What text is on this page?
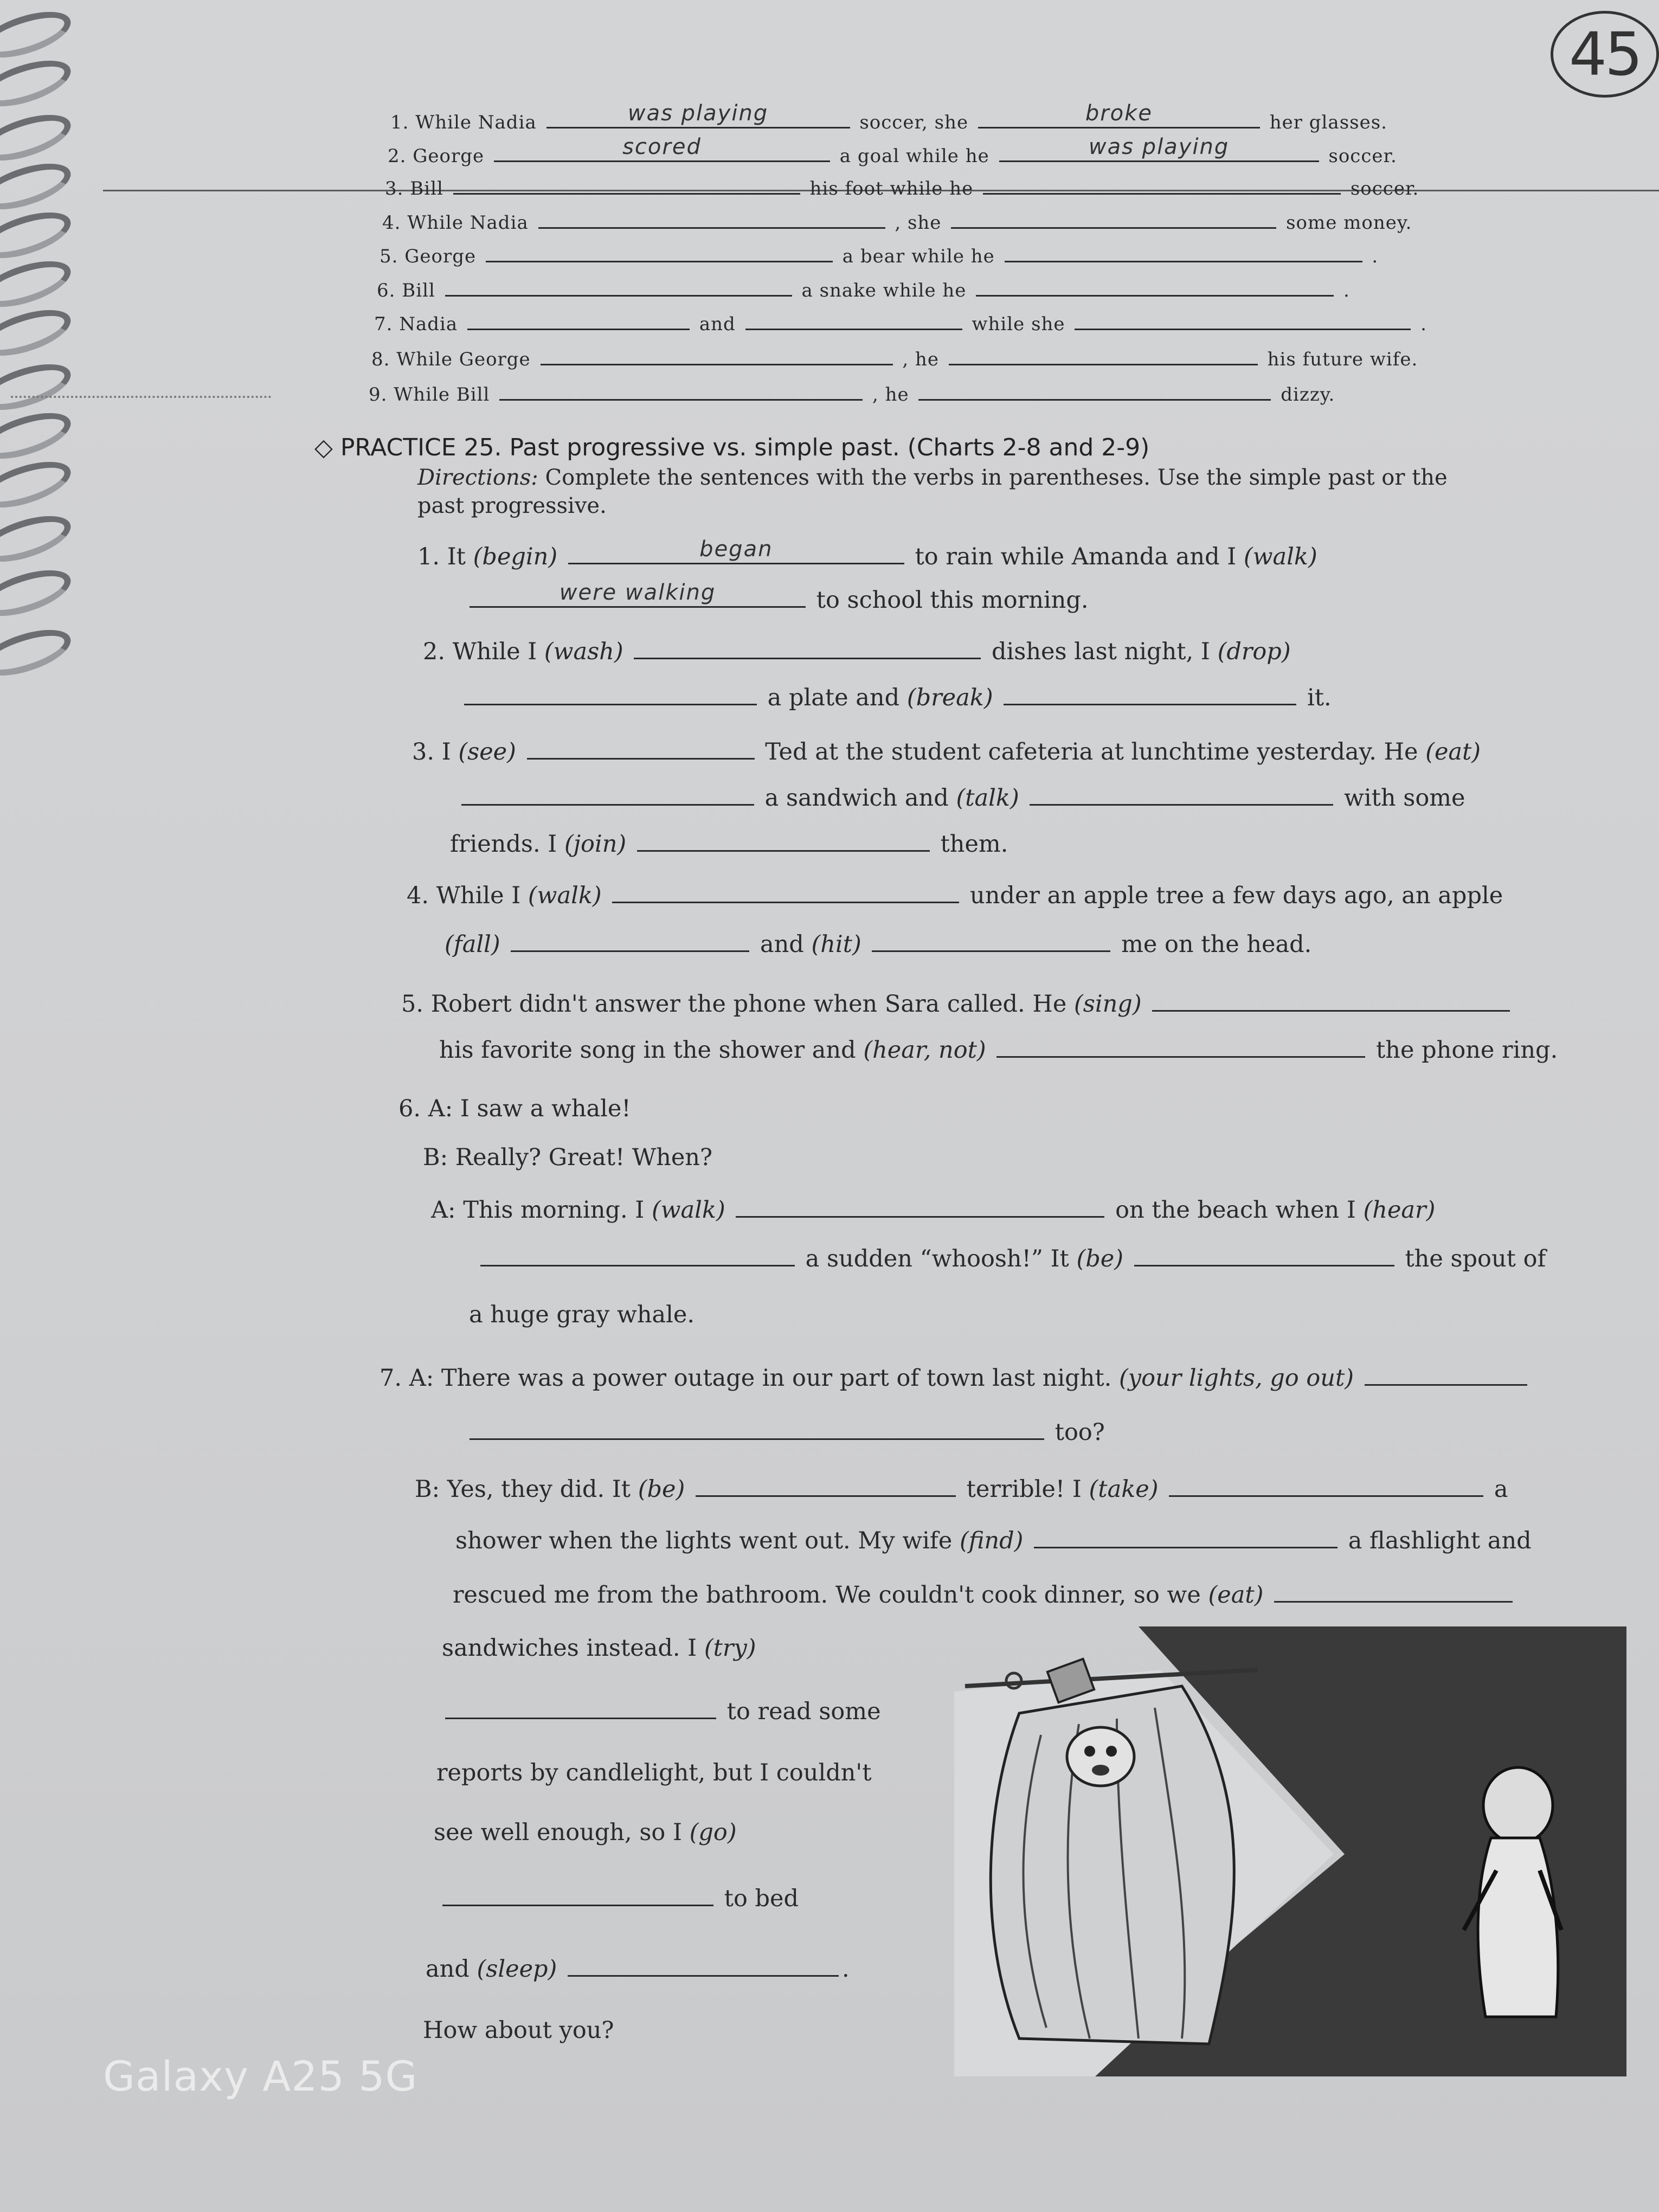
45
1. While Nadia	was playing	soccer, she	broke	her glasses.
2. George	scored	a goal while he	was playing	soccer.
3. Bill	his foot while he	soccer.
4. While Nadia	, she	some money.
5. George	a bear while he	.
6. Bill	a snake while he	.
7. Nadia	and	while she	.
8. While George	, he	his future wife.
9. While Bill	, he	dizzy.
◇ PRACTICE 25. Past progressive vs. simple past. (Charts 2-8 and 2-9)
Directions: Complete the sentences with the verbs in parentheses. Use the simple past or the past progressive.
1. It (begin)	began	to rain while Amanda and I (walk)
were walking	to school this morning.
2. While I (wash)	dishes last night, I (drop)
a plate and (break)	it.
3. I (see)	Ted at the student cafeteria at lunchtime yesterday. He (eat)
a sandwich and (talk)	with some
friends. I (join)	them.
4. While I (walk)	under an apple tree a few days ago, an apple
(fall)	and (hit)	me on the head.
5. Robert didn't answer the phone when Sara called. He (sing)
his favorite song in the shower and (hear, not)	the phone ring.
6. A: I saw a whale!
B: Really? Great! When?
A: This morning. I (walk)	on the beach when I (hear)
a sudden “whoosh!” It (be)	the spout of
a huge gray whale.
7. A: There was a power outage in our part of town last night. (your lights, go out)
too?
B: Yes, they did. It (be)	terrible! I (take)	a
shower when the lights went out. My wife (find)	a flashlight and
rescued me from the bathroom. We couldn't cook dinner, so we (eat)
sandwiches instead. I (try)
to read some
reports by candlelight, but I couldn't
see well enough, so I (go)
to bed
and (sleep)	.
How about you?
Galaxy A25 5G
